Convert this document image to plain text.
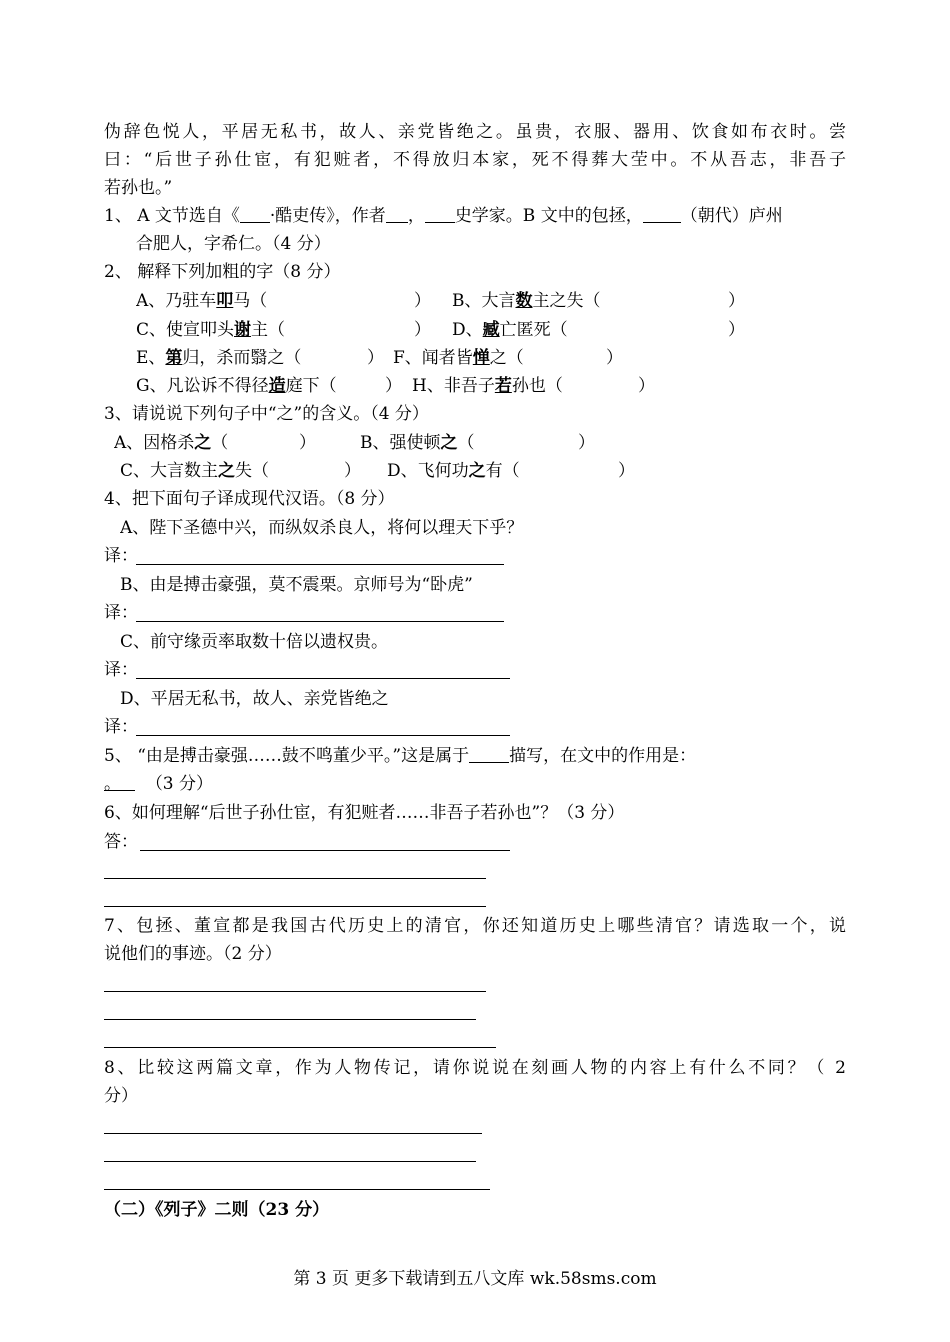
伪辞色悦人，平居无私书，故人、亲党皆绝之。虽贵，衣服、器用、饮食如布衣时。尝
曰：“后世子孙仕宦，有犯赃者，不得放归本家，死不得葬大茔中。不从吾志，非吾子
若孙也。”
1、 A 文节选自《 ·酷吏传》，作者 ， 史学家。B 文中的包拯， （朝代）庐州
合肥人，字希仁。（4 分）
2、 解释下列加粗的字（8 分）
A、乃驻车叩马（	） B、大言数主之失（	）
C、使宣叩头谢主（	） D、臧亡匿死（	）
E、第归，杀而翳之（	） F、闻者皆惮之（	）
G、凡讼诉不得径造庭下（	） H、非吾子若孙也（	）
3、请说说下列句子中“之”的含义。（4 分）
A、因格杀之（	）	B、强使顿之（	）
C、大言数主之失（	） D、飞何功之有（	）
4、把下面句子译成现代汉语。（8 分）
A、陛下圣德中兴，而纵奴杀良人，将何以理天下乎？
译：
B、由是搏击豪强，莫不震栗。京师号为“卧虎”
译：
C、前守缘贡率取数十倍以遗权贵。
译：
D、平居无私书，故人、亲党皆绝之
译：
5、 “由是搏击豪强……鼓不鸣董少平。”这是属于 描写，在文中的作用是：
。 （3 分）
6、如何理解“后世子孙仕宦，有犯赃者……非吾子若孙也”？（3 分）
答：
7、包拯、董宣都是我国古代历史上的清官，你还知道历史上哪些清官？请选取一个，说
说他们的事迹。（2 分）
8、比较这两篇文章，作为人物传记，请你说说在刻画人物的内容上有什么不同？（ 2
分）
（二）《列子》二则（23 分）
第 3 页 更多下载请到五八文库 wk.58sms.com
